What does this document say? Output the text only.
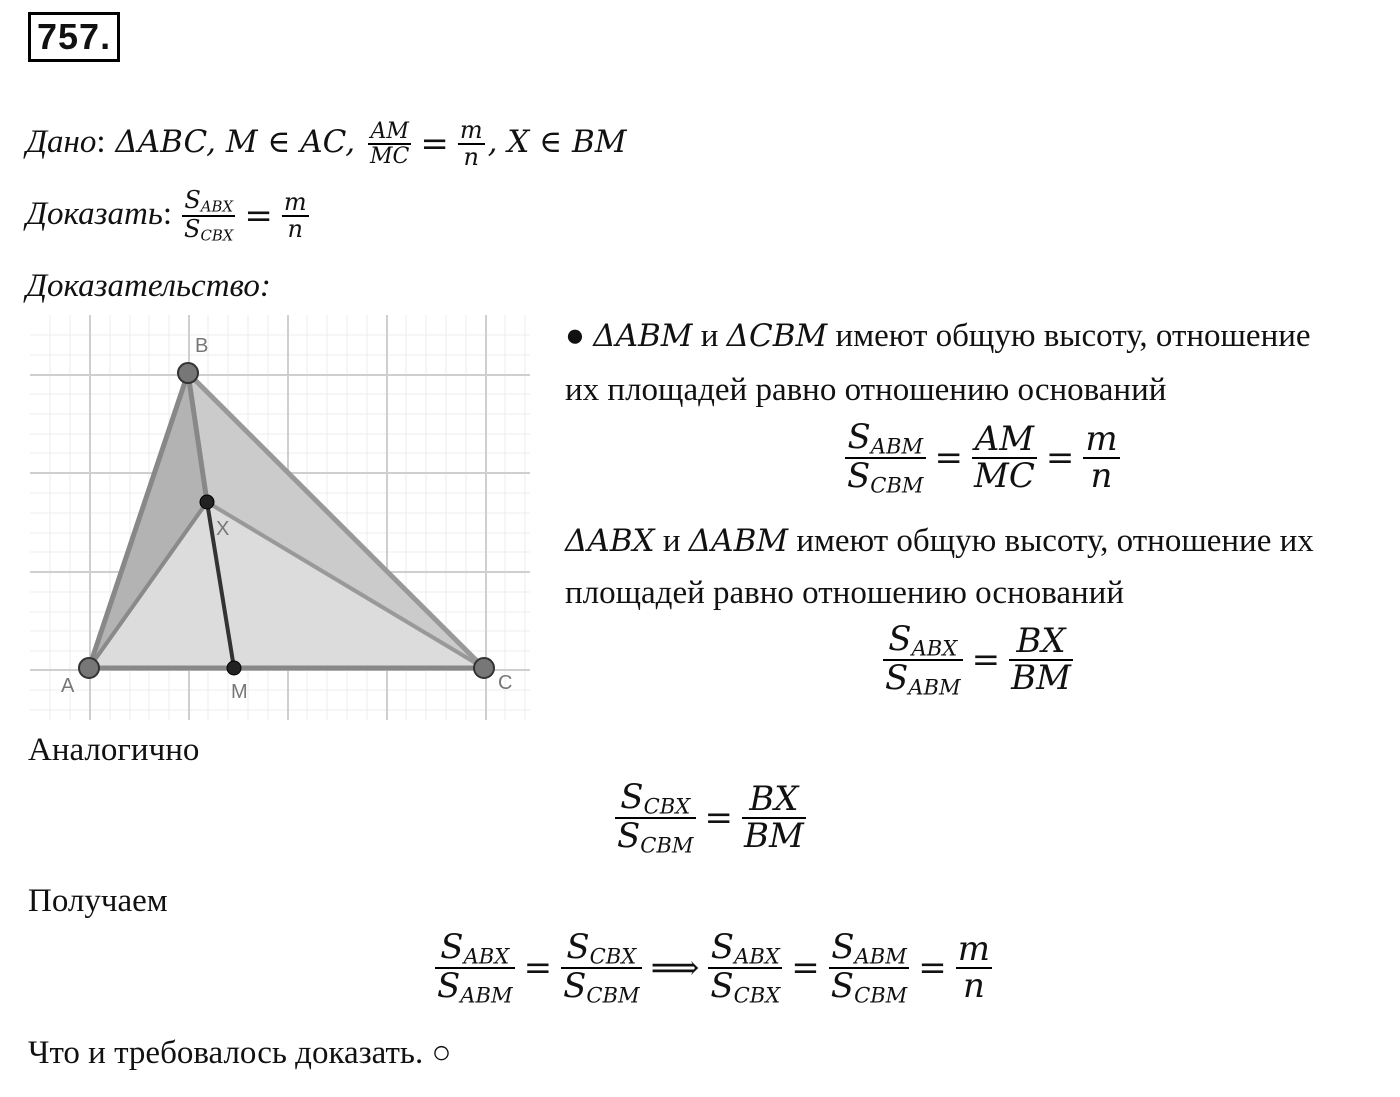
757.
Дано: ΔABC, M ∈ AC, $\frac{AM}{MC} = \frac{m}{n}$ , X ∈ BM
Доказать: $\frac{S_{ABX}}{S_{CBX}} = \frac{m}{n}$
Доказательство:
B
A	C
M
X
● ΔABM и ΔCBM имеют общую высоту, отношение
их площадей равно отношению оснований
$\frac{S_{ABM}}{S_{CBM}} = \frac{AM}{MC} = \frac{m}{n}$
ΔABX и ΔABM имеют общую высоту, отношение их
площадей равно отношению оснований
$\frac{S_{ABX}}{S_{ABM}} = \frac{BX}{BM}$
Аналогично
$\frac{S_{CBX}}{S_{CBM}} = \frac{BX}{BM}$
Получаем
$\frac{S_{ABX}}{S_{ABM}} = \frac{S_{CBX}}{S_{CBM}}$ ⟹ $\frac{S_{ABX}}{S_{CBX}} = \frac{S_{ABM}}{S_{CBM}} = \frac{m}{n}$
Что и требовалось доказать. ○
